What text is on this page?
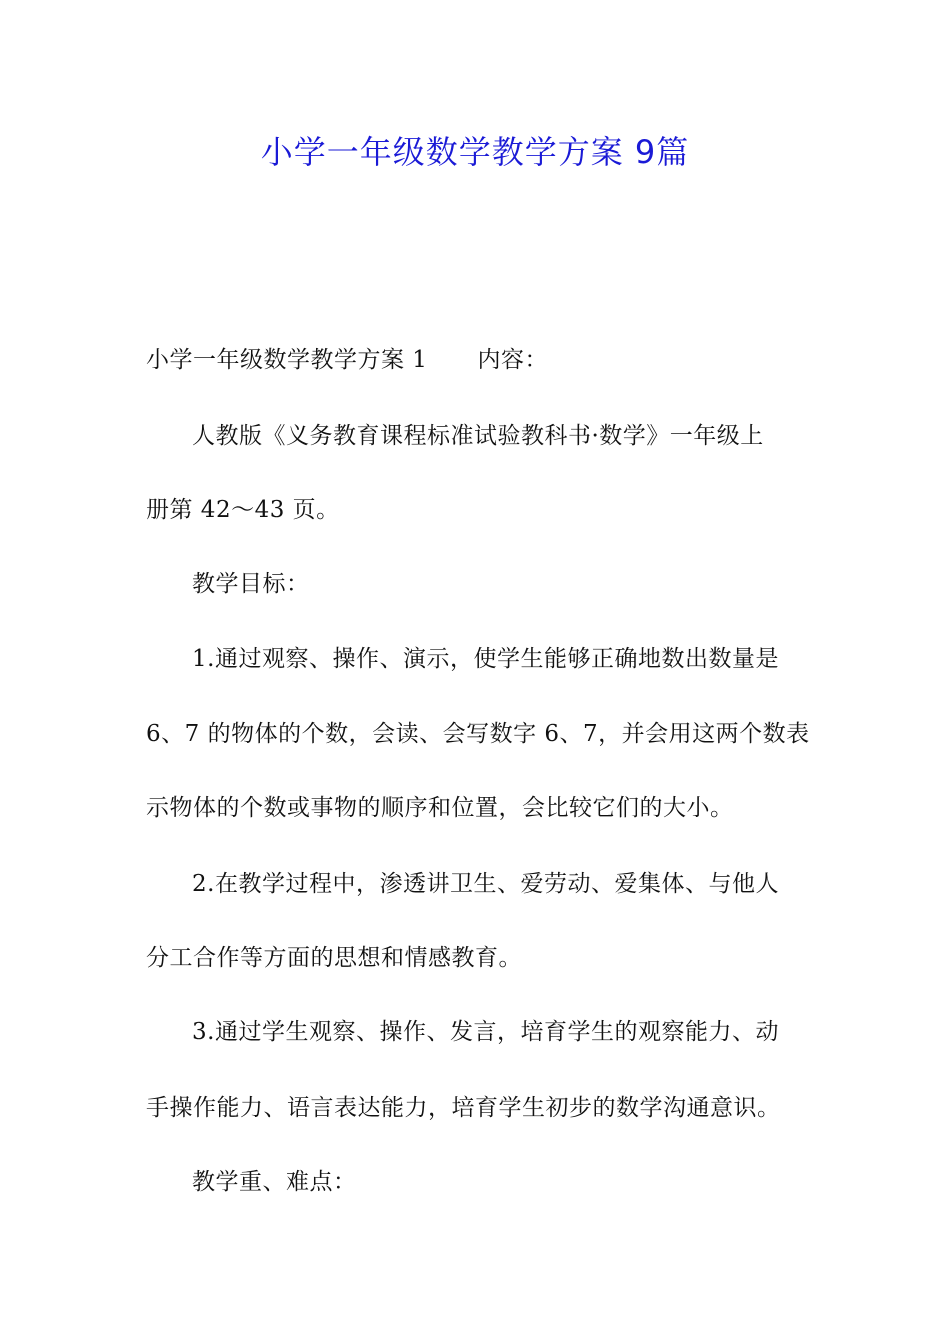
小学一年级数学教学方案 9篇
小学一年级数学教学方案 1 内容：
人教版《义务教育课程标准试验教科书·数学》一年级上
册第 42～43 页。
教学目标：
1.通过观察、操作、演示，使学生能够正确地数出数量是
6、7 的物体的个数，会读、会写数字 6、7，并会用这两个数表
示物体的个数或事物的顺序和位置，会比较它们的大小。
2.在教学过程中，渗透讲卫生、爱劳动、爱集体、与他人
分工合作等方面的思想和情感教育。
3.通过学生观察、操作、发言，培育学生的观察能力、动
手操作能力、语言表达能力，培育学生初步的数学沟通意识。
教学重、难点：
